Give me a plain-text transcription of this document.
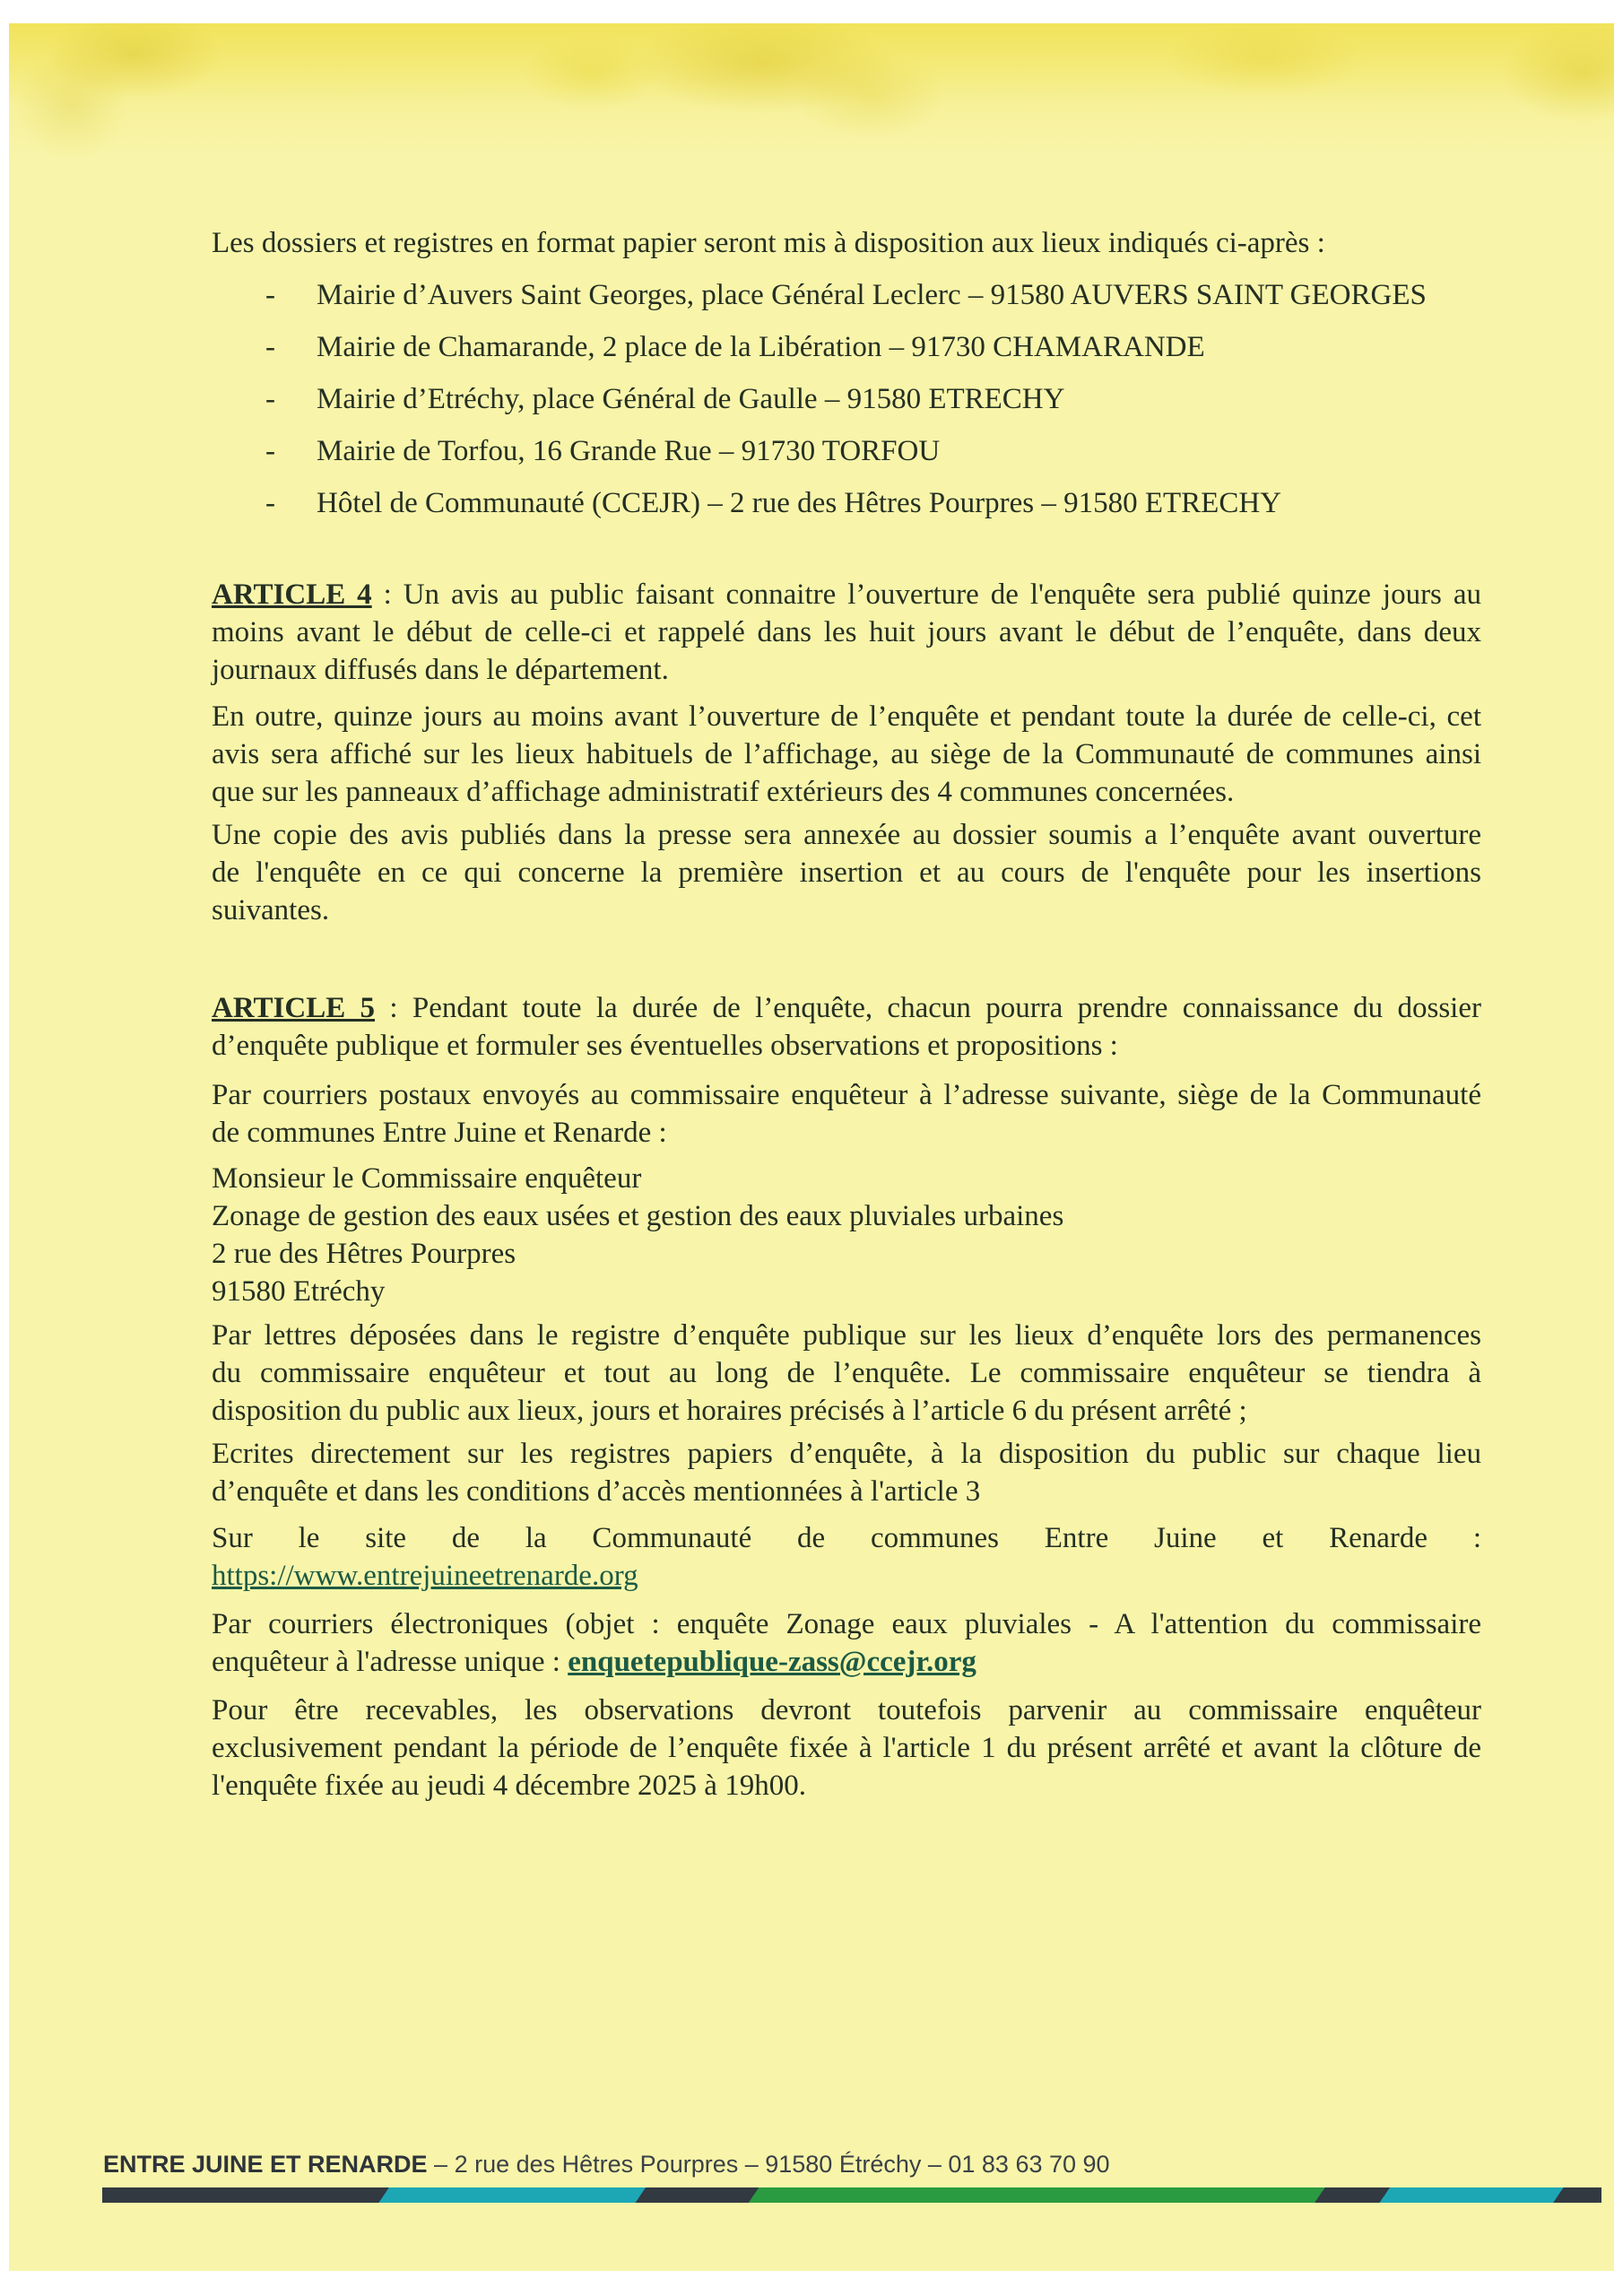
Les dossiers et registres en format papier seront mis à disposition aux lieux indiqués ci-après :
- Mairie d’Auvers Saint Georges, place Général Leclerc – 91580 AUVERS SAINT GEORGES
- Mairie de Chamarande, 2 place de la Libération – 91730 CHAMARANDE
- Mairie d’Etréchy, place Général de Gaulle – 91580 ETRECHY
- Mairie de Torfou, 16 Grande Rue – 91730 TORFOU
- Hôtel de Communauté (CCEJR) – 2 rue des Hêtres Pourpres – 91580 ETRECHY
ARTICLE 4 : Un avis au public faisant connaitre l’ouverture de l'enquête sera publié quinze jours au
moins avant le début de celle-ci et rappelé dans les huit jours avant le début de l’enquête, dans deux
journaux diffusés dans le département.
En outre, quinze jours au moins avant l’ouverture de l’enquête et pendant toute la durée de celle-ci, cet
avis sera affiché sur les lieux habituels de l’affichage, au siège de la Communauté de communes ainsi
que sur les panneaux d’affichage administratif extérieurs des 4 communes concernées.
Une copie des avis publiés dans la presse sera annexée au dossier soumis a l’enquête avant ouverture
de l'enquête en ce qui concerne la première insertion et au cours de l'enquête pour les insertions
suivantes.
ARTICLE 5 : Pendant toute la durée de l’enquête, chacun pourra prendre connaissance du dossier
d’enquête publique et formuler ses éventuelles observations et propositions :
Par courriers postaux envoyés au commissaire enquêteur à l’adresse suivante, siège de la Communauté
de communes Entre Juine et Renarde :
Monsieur le Commissaire enquêteur
Zonage de gestion des eaux usées et gestion des eaux pluviales urbaines
2 rue des Hêtres Pourpres
91580 Etréchy
Par lettres déposées dans le registre d’enquête publique sur les lieux d’enquête lors des permanences
du commissaire enquêteur et tout au long de l’enquête. Le commissaire enquêteur se tiendra à
disposition du public aux lieux, jours et horaires précisés à l’article 6 du présent arrêté ;
Ecrites directement sur les registres papiers d’enquête, à la disposition du public sur chaque lieu
d’enquête et dans les conditions d’accès mentionnées à l'article 3
Sur le site de la Communauté de communes Entre Juine et Renarde :
https://www.entrejuineetrenarde.org
Par courriers électroniques (objet : enquête Zonage eaux pluviales - A l'attention du commissaire
enquêteur à l'adresse unique : enquetepublique-zass@ccejr.org
Pour être recevables, les observations devront toutefois parvenir au commissaire enquêteur
exclusivement pendant la période de l’enquête fixée à l'article 1 du présent arrêté et avant la clôture de
l'enquête fixée au jeudi 4 décembre 2025 à 19h00.
ENTRE JUINE ET RENARDE – 2 rue des Hêtres Pourpres – 91580 Étréchy – 01 83 63 70 90
